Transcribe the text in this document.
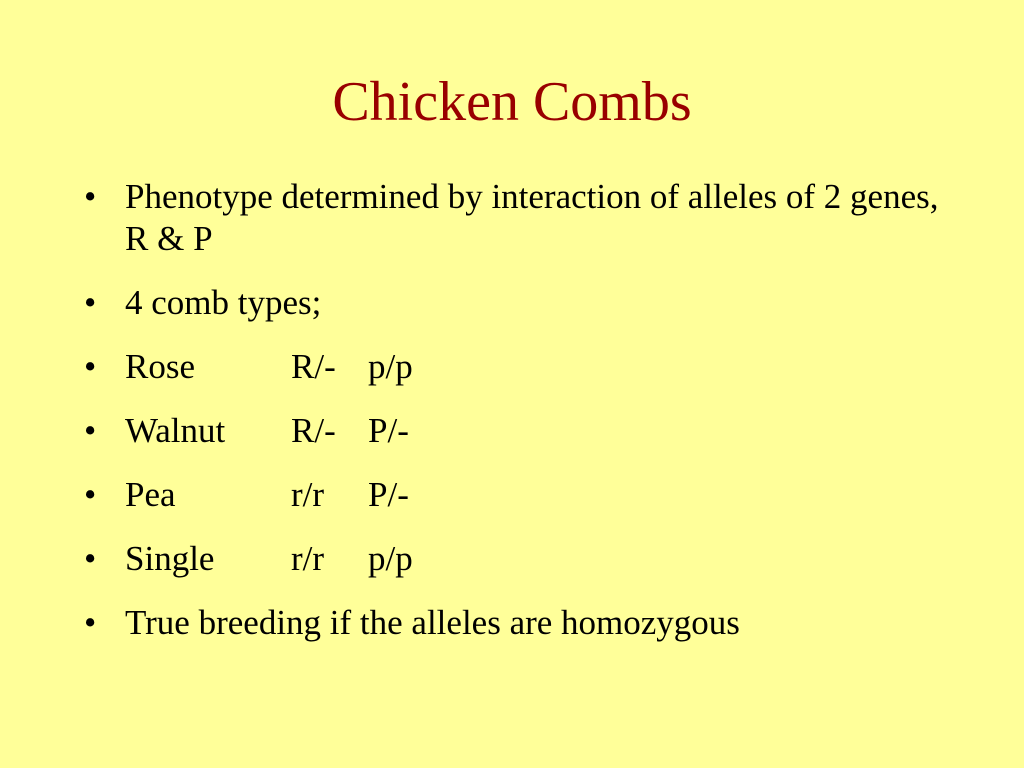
Chicken Combs
• Phenotype determined by interaction of alleles of 2 genes, R & P
• 4 comb types;
• Rose	R/- p/p
• Walnut	R/- P/-
• Pea	r/r	P/-
• Single	r/r	p/p
• True breeding if the alleles are homozygous
